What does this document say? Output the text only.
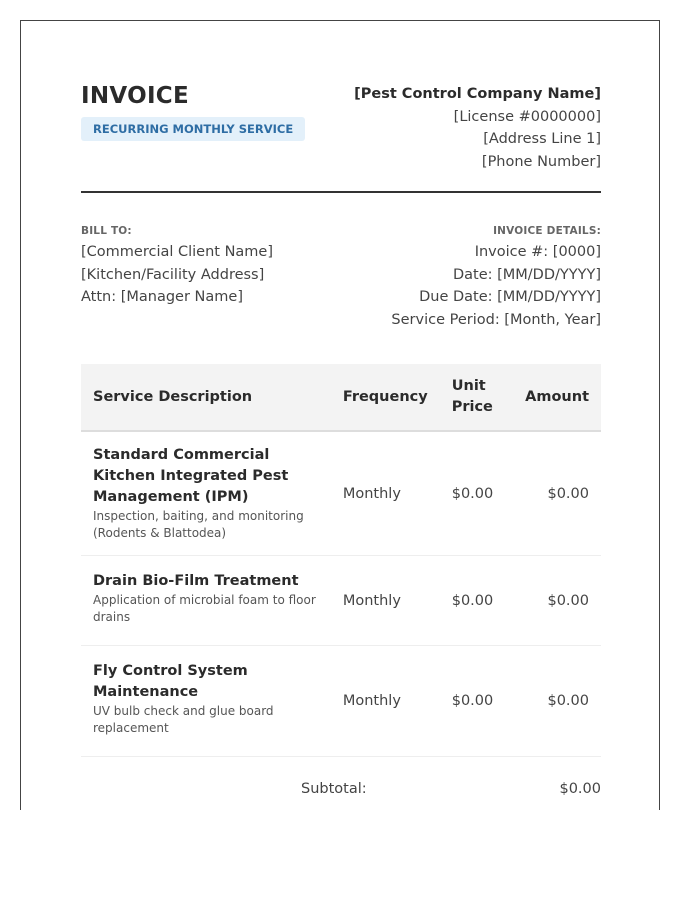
INVOICE
RECURRING MONTHLY SERVICE
[Pest Control Company Name]
[License #0000000]
[Address Line 1]
[Phone Number]
BILL TO:
[Commercial Client Name]
[Kitchen/Facility Address]
Attn: [Manager Name]
INVOICE DETAILS:
Invoice #: [0000]
Date: [MM/DD/YYYY]
Due Date: [MM/DD/YYYY]
Service Period: [Month, Year]
Service Description	Frequency	Unit Price	Amount

Standard Commercial Kitchen Integrated Pest Management (IPM)
Inspection, baiting, and monitoring (Rodents & Blattodea)	Monthly	$0.00	$0.00

Drain Bio-Film Treatment
Application of microbial foam to floor drains	Monthly	$0.00	$0.00

Fly Control System Maintenance
UV bulb check and glue board replacement	Monthly	$0.00	$0.00
Subtotal:	$0.00
